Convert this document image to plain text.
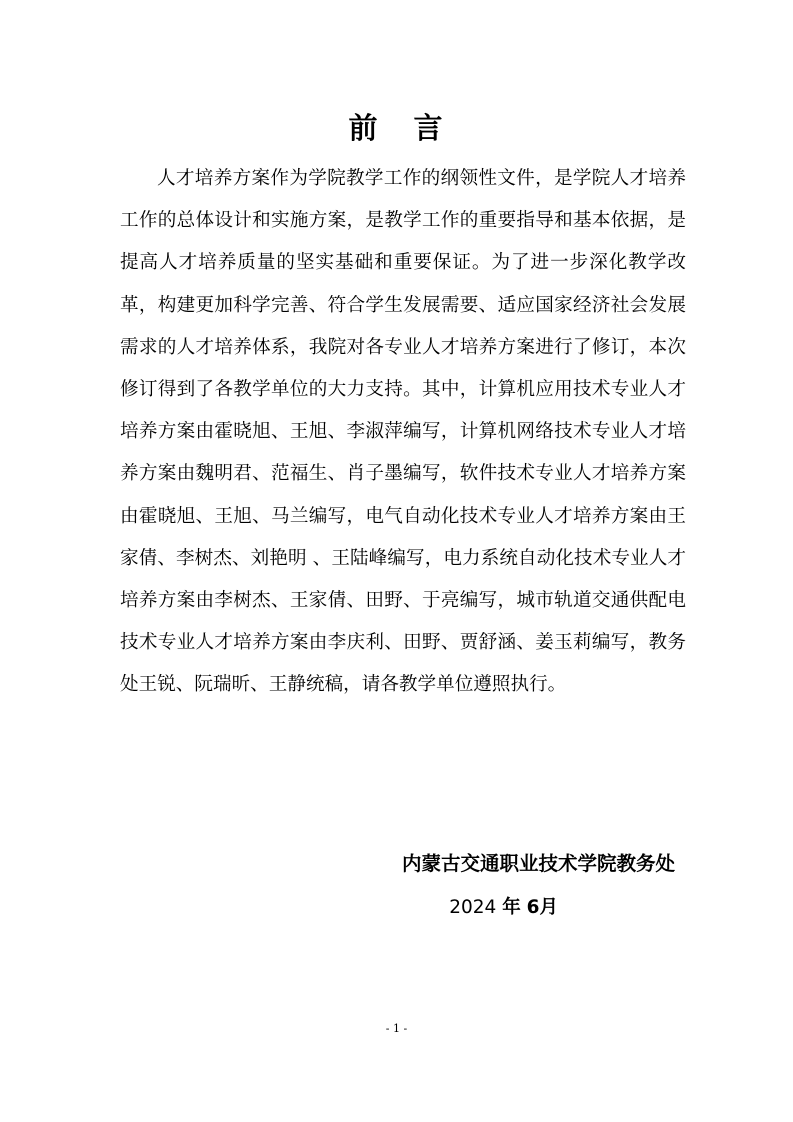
前 言

人才培养方案作为学院教学工作的纲领性文件，是学院人才培养工作的总体设计和实施方案，是教学工作的重要指导和基本依据，是提高人才培养质量的坚实基础和重要保证。为了进一步深化教学改革，构建更加科学完善、符合学生发展需要、适应国家经济社会发展需求的人才培养体系，我院对各专业人才培养方案进行了修订，本次修订得到了各教学单位的大力支持。其中，计算机应用技术专业人才培养方案由霍晓旭、王旭、李淑萍编写，计算机网络技术专业人才培养方案由魏明君、范福生、肖子墨编写，软件技术专业人才培养方案由霍晓旭、王旭、马兰编写，电气自动化技术专业人才培养方案由王家倩、李树杰、刘艳明 、王陆峰编写，电力系统自动化技术专业人才培养方案由李树杰、王家倩、田野、于亮编写，城市轨道交通供配电技术专业人才培养方案由李庆利、田野、贾舒涵、姜玉莉编写，教务处王锐、阮瑞昕、王静统稿，请各教学单位遵照执行。

内蒙古交通职业技术学院教务处
2024 年 6月
- 1 -
